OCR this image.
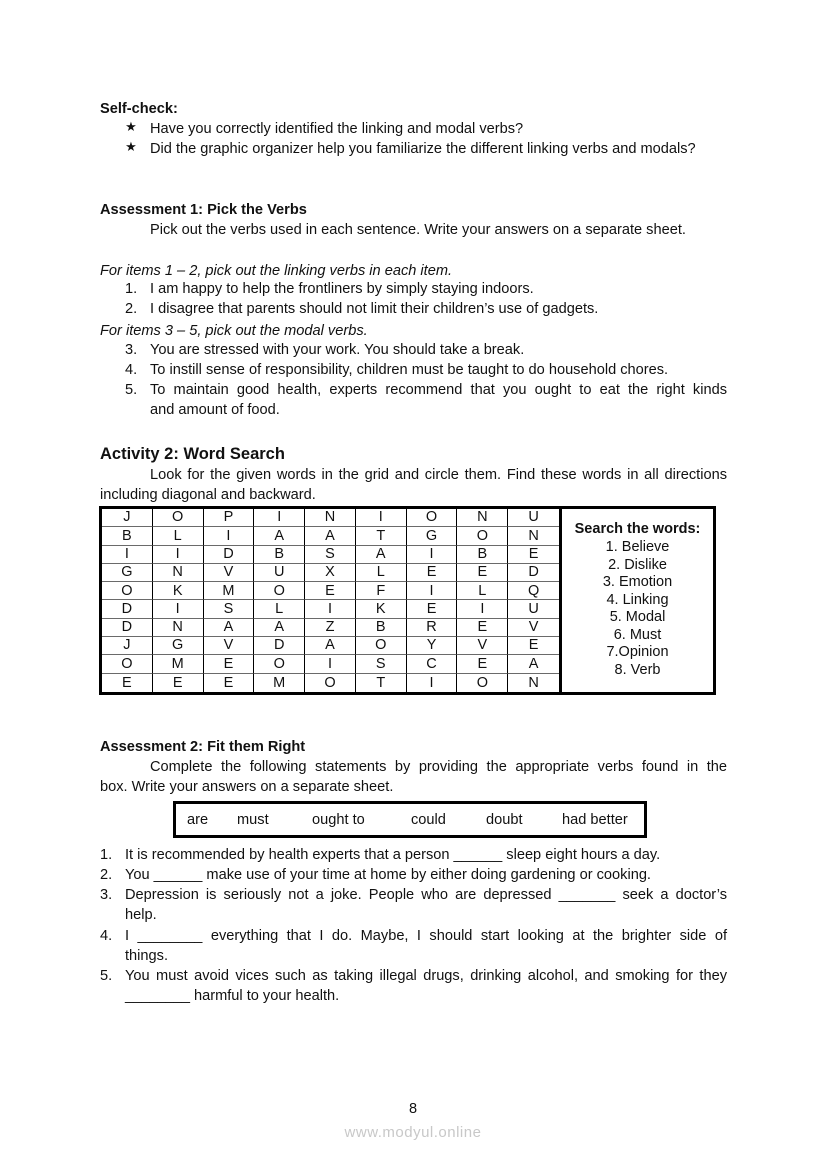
Self-check:
★ Have you correctly identified the linking and modal verbs?
★ Did the graphic organizer help you familiarize the different linking verbs and modals?
Assessment 1: Pick the Verbs
Pick out the verbs used in each sentence. Write your answers on a separate sheet.
For items 1 – 2, pick out the linking verbs in each item.
1. I am happy to help the frontliners by simply staying indoors.
2. I disagree that parents should not limit their children’s use of gadgets.
For items 3 – 5, pick out the modal verbs.
3. You are stressed with your work. You should take a break.
4. To instill sense of responsibility, children must be taught to do household chores.
5. To maintain good health, experts recommend that you ought to eat the right kinds
and amount of food.
Activity 2: Word Search
Look for the given words in the grid and circle them. Find these words in all directions
including diagonal and backward.
J	O	P	I	N	I	O	N	U
B	L	I	A	A	T	G	O	N
I	I	D	B	S	A	I	B	E
G	N	V	U	X	L	E	E	D
O	K	M	O	E	F	I	L	Q
D	I	S	L	I	K	E	I	U
D	N	A	A	Z	B	R	E	V
J	G	V	D	A	O	Y	V	E
O	M	E	O	I	S	C	E	A
E	E	E	M	O	T	I	O	N
Search the words:
1. Believe
2. Dislike
3. Emotion
4. Linking
5. Modal
6. Must
7.Opinion
8. Verb
Assessment 2: Fit them Right
Complete the following statements by providing the appropriate verbs found in the
box. Write your answers on a separate sheet.
are must	ought to	could	doubt	had better
1. It is recommended by health experts that a person ______ sleep eight hours a day.
2. You ______ make use of your time at home by either doing gardening or cooking.
3. Depression is seriously not a joke. People who are depressed _______ seek a doctor’s
help.
4. I ________ everything that I do. Maybe, I should start looking at the brighter side of
things.
5. You must avoid vices such as taking illegal drugs, drinking alcohol, and smoking for they
________ harmful to your health.
8
www.modyul.online
